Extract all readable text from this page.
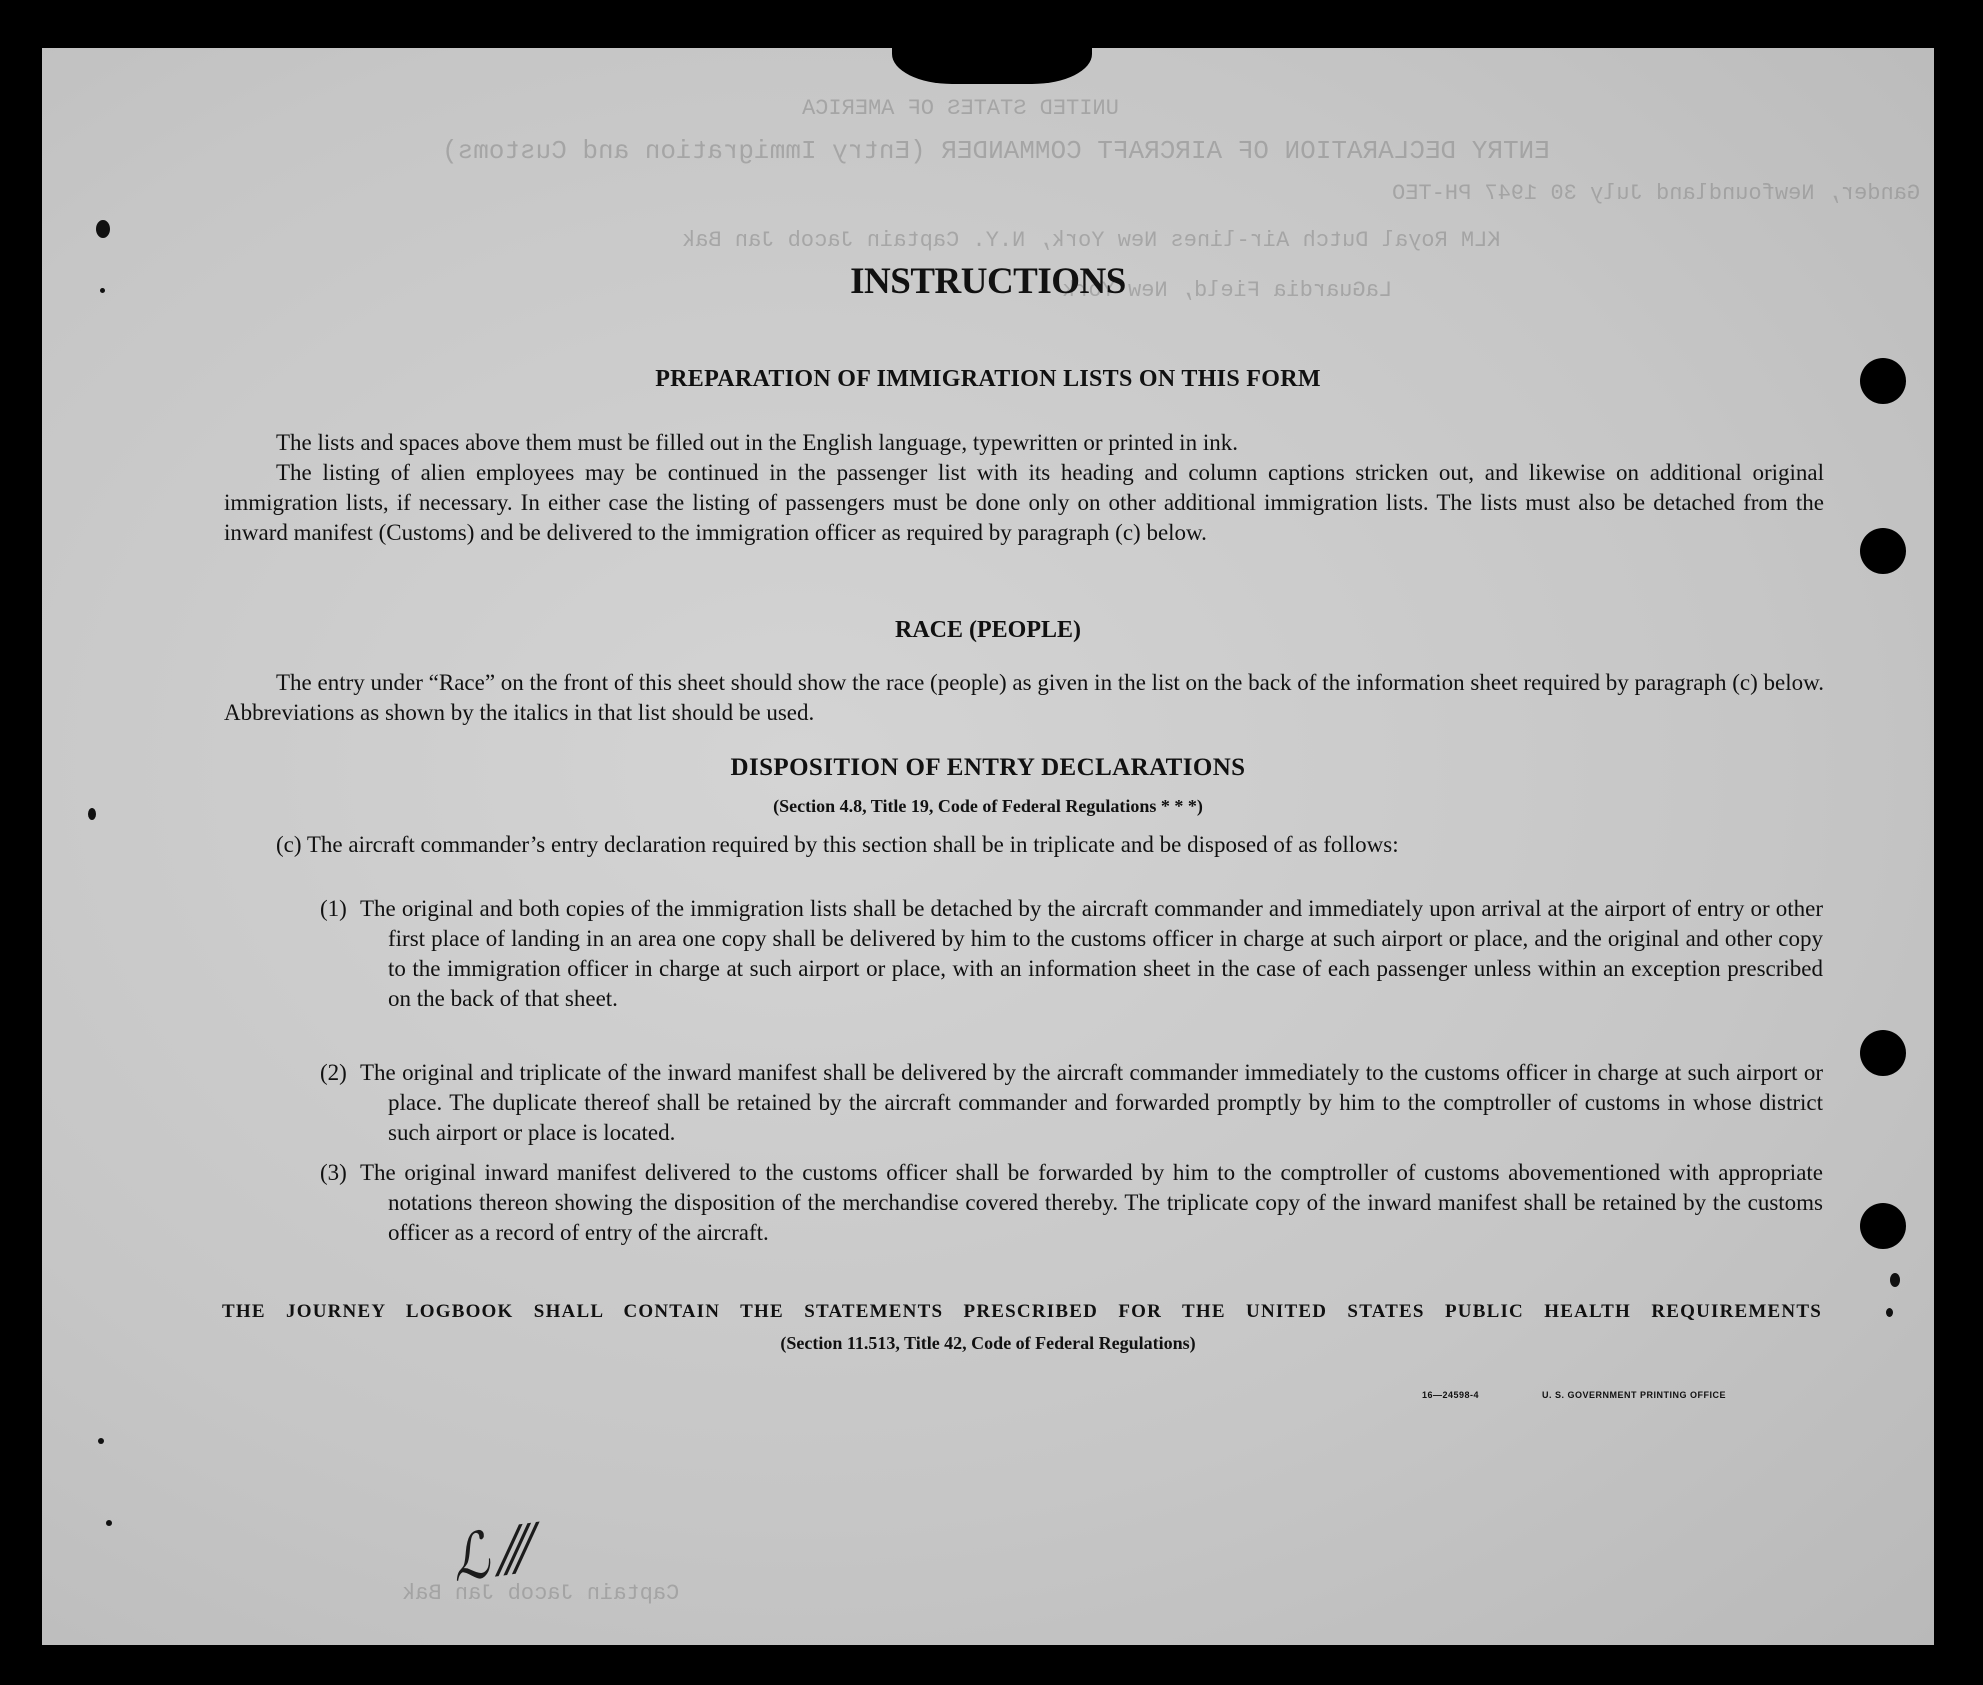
UNITED STATES OF AMERICA
ENTRY DECLARATION OF AIRCRAFT COMMANDER (Entry Immigration and Customs)
Gander, Newfoundland July 30 1947 PH-TEO
KLM Royal Dutch Air-lines New York, N.Y. Captain Jacob Jan Bak
LaGuardia Field, New York
Captain Jacob Jan Bak
INSTRUCTIONS
PREPARATION OF IMMIGRATION LISTS ON THIS FORM
The lists and spaces above them must be filled out in the English language, typewritten or printed in ink.
The listing of alien employees may be continued in the passenger list with its heading and column captions stricken out, and likewise on additional original immigration lists, if necessary. In either case the listing of passengers must be done only on other additional immigration lists. The lists must also be detached from the inward manifest (Customs) and be delivered to the immigration officer as required by paragraph (c) below.
RACE (PEOPLE)
The entry under “Race” on the front of this sheet should show the race (people) as given in the list on the back of the information sheet required by paragraph (c) below. Abbreviations as shown by the italics in that list should be used.
DISPOSITION OF ENTRY DECLARATIONS
(Section 4.8, Title 19, Code of Federal Regulations * * *)
(c) The aircraft commander’s entry declaration required by this section shall be in triplicate and be disposed of as follows:
(1) The original and both copies of the immigration lists shall be detached by the aircraft commander and immediately upon arrival at the airport of entry or other first place of landing in an area one copy shall be delivered by him to the customs officer in charge at such airport or place, and the original and other copy to the immigration officer in charge at such airport or place, with an information sheet in the case of each passenger unless within an exception prescribed on the back of that sheet.
(2) The original and triplicate of the inward manifest shall be delivered by the aircraft commander immediately to the customs officer in charge at such airport or place. The duplicate thereof shall be retained by the aircraft commander and forwarded promptly by him to the comptroller of customs in whose district such airport or place is located.
(3) The original inward manifest delivered to the customs officer shall be forwarded by him to the comptroller of customs abovementioned with appropriate notations thereon showing the disposition of the merchandise covered thereby. The triplicate copy of the inward manifest shall be retained by the customs officer as a record of entry of the aircraft.
THE JOURNEY LOGBOOK SHALL CONTAIN THE STATEMENTS PRESCRIBED FOR THE UNITED STATES PUBLIC HEALTH REQUIREMENTS
(Section 11.513, Title 42, Code of Federal Regulations)
16—24598-4	U. S. GOVERNMENT PRINTING OFFICE
ℒ ⁄⁄⁄
